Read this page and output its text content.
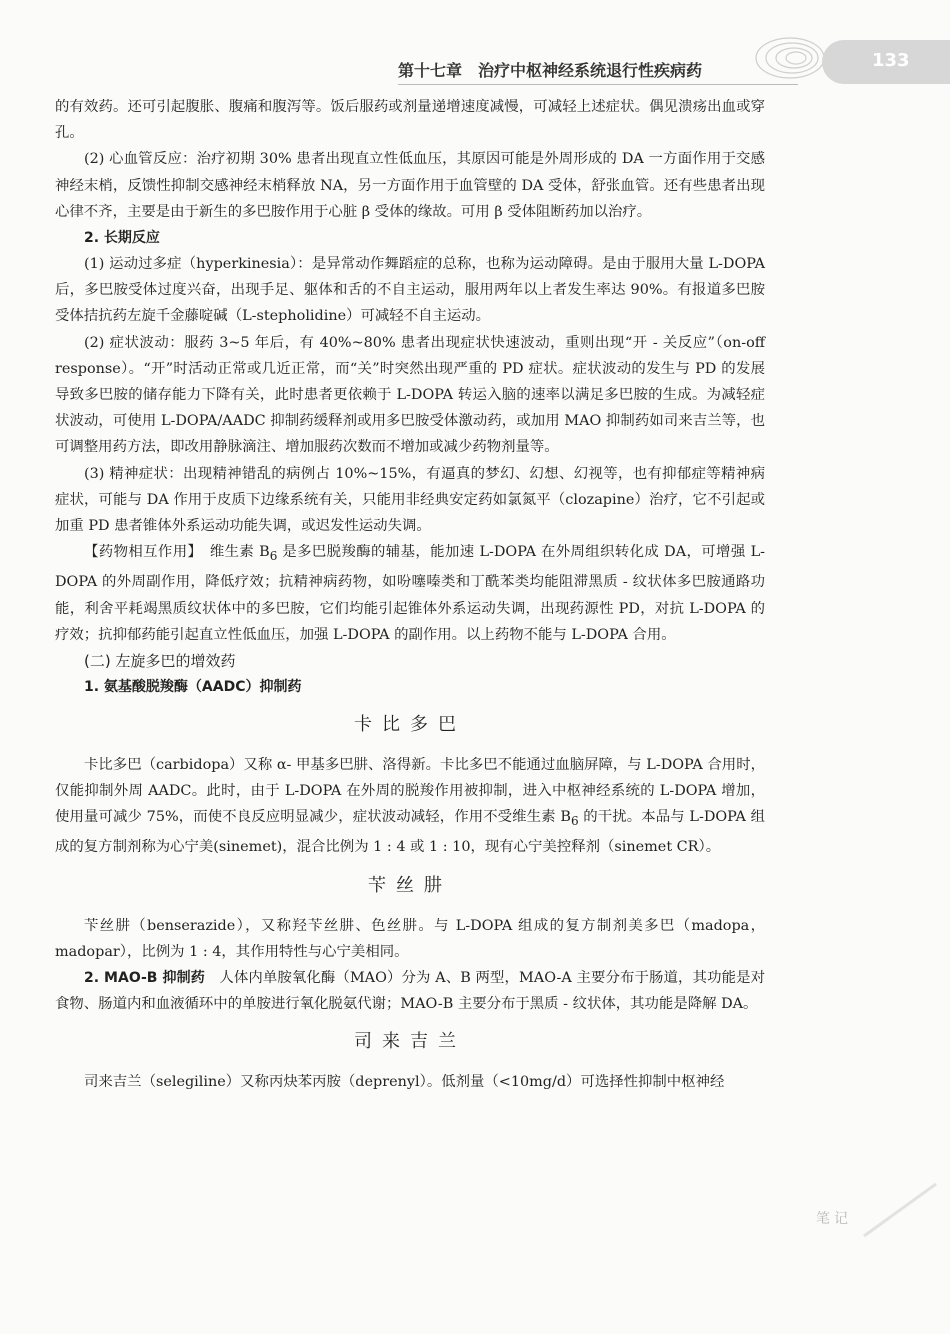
第十七章　治疗中枢神经系统退行性疾病药	133

的有效药。还可引起腹胀、腹痛和腹泻等。饭后服药或剂量递增速度减慢，可减轻上述症状。偶见溃疡出血或穿孔。

(2) 心血管反应：治疗初期 30% 患者出现直立性低血压，其原因可能是外周形成的 DA 一方面作用于交感神经末梢，反馈性抑制交感神经末梢释放 NA，另一方面作用于血管壁的 DA 受体，舒张血管。还有些患者出现心律不齐，主要是由于新生的多巴胺作用于心脏 β 受体的缘故。可用 β 受体阻断药加以治疗。

2. 长期反应

(1) 运动过多症（hyperkinesia）：是异常动作舞蹈症的总称，也称为运动障碍。是由于服用大量 L-DOPA 后，多巴胺受体过度兴奋，出现手足、躯体和舌的不自主运动，服用两年以上者发生率达 90%。有报道多巴胺受体拮抗药左旋千金藤啶碱（L-stepholidine）可减轻不自主运动。

(2) 症状波动：服药 3~5 年后，有 40%~80% 患者出现症状快速波动，重则出现“开 - 关反应”（on-off response）。“开”时活动正常或几近正常，而“关”时突然出现严重的 PD 症状。症状波动的发生与 PD 的发展导致多巴胺的储存能力下降有关，此时患者更依赖于 L-DOPA 转运入脑的速率以满足多巴胺的生成。为减轻症状波动，可使用 L-DOPA/AADC 抑制药缓释剂或用多巴胺受体激动药，或加用 MAO 抑制药如司来吉兰等，也可调整用药方法，即改用静脉滴注、增加服药次数而不增加或减少药物剂量等。

(3) 精神症状：出现精神错乱的病例占 10%~15%，有逼真的梦幻、幻想、幻视等，也有抑郁症等精神病症状，可能与 DA 作用于皮质下边缘系统有关，只能用非经典安定药如氯氮平（clozapine）治疗，它不引起或加重 PD 患者锥体外系运动功能失调，或迟发性运动失调。

【药物相互作用】　维生素 $B_6$ 是多巴脱羧酶的辅基，能加速 L-DOPA 在外周组织转化成 DA，可增强 L-DOPA 的外周副作用，降低疗效；抗精神病药物，如吩噻嗪类和丁酰苯类均能阻滞黑质 - 纹状体多巴胺通路功能，利舍平耗竭黑质纹状体中的多巴胺，它们均能引起锥体外系运动失调，出现药源性 PD，对抗 L-DOPA 的疗效；抗抑郁药能引起直立性低血压，加强 L-DOPA 的副作用。以上药物不能与 L-DOPA 合用。

(二) 左旋多巴的增效药
1. 氨基酸脱羧酶（AADC）抑制药
卡比多巴

卡比多巴（carbidopa）又称 α- 甲基多巴肼、洛得新。卡比多巴不能通过血脑屏障，与 L-DOPA 合用时，仅能抑制外周 AADC。此时，由于 L-DOPA 在外周的脱羧作用被抑制，进入中枢神经系统的 L-DOPA 增加，使用量可减少 75%，而使不良反应明显减少，症状波动减轻，作用不受维生素 $B_6$ 的干扰。本品与 L-DOPA 组成的复方制剂称为心宁美(sinemet)，混合比例为 1 : 4 或 1 : 10，现有心宁美控释剂（sinemet CR）。

苄丝肼

苄丝肼（benserazide），又称羟苄丝肼、色丝肼。与 L-DOPA 组成的复方制剂美多巴（madopa，madopar），比例为 1 : 4，其作用特性与心宁美相同。

2. MAO-B 抑制药　人体内单胺氧化酶（MAO）分为 A、B 两型，MAO-A 主要分布于肠道，其功能是对食物、肠道内和血液循环中的单胺进行氧化脱氨代谢；MAO-B 主要分布于黑质 - 纹状体，其功能是降解 DA。

司来吉兰

司来吉兰（selegiline）又称丙炔苯丙胺（deprenyl）。低剂量（<10mg/d）可选择性抑制中枢神经

笔记
